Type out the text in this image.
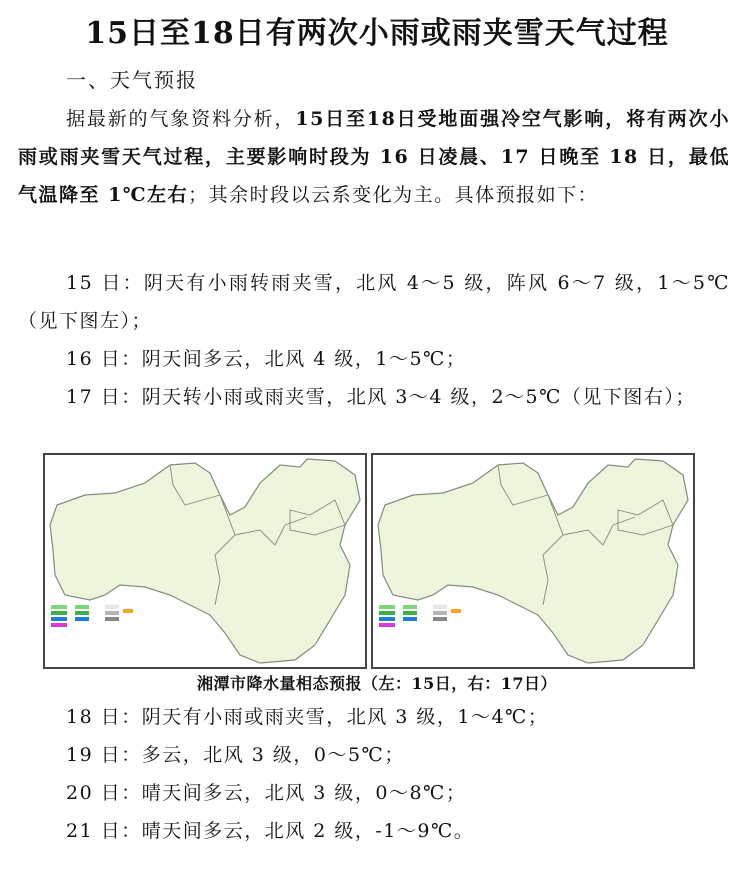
15日至18日有两次小雨或雨夹雪天气过程
一、天气预报
据最新的气象资料分析，15日至18日受地面强冷空气影响，将有两次小雨或雨夹雪天气过程，主要影响时段为 16 日凌晨、17 日晚至 18 日，最低气温降至 1℃左右；其余时段以云系变化为主。具体预报如下：
15 日：阴天有小雨转雨夹雪，北风 4～5 级，阵风 6～7 级，1～5℃（见下图左）；
16 日：阴天间多云，北风 4 级，1～5℃；
17 日：阴天转小雨或雨夹雪，北风 3～4 级，2～5℃（见下图右）；
湘潭市降水量相态预报（左：15日，右：17日）
18 日：阴天有小雨或雨夹雪，北风 3 级，1～4℃；
19 日：多云，北风 3 级，0～5℃；
20 日：晴天间多云，北风 3 级，0～8℃；
21 日：晴天间多云，北风 2 级，-1～9℃。
